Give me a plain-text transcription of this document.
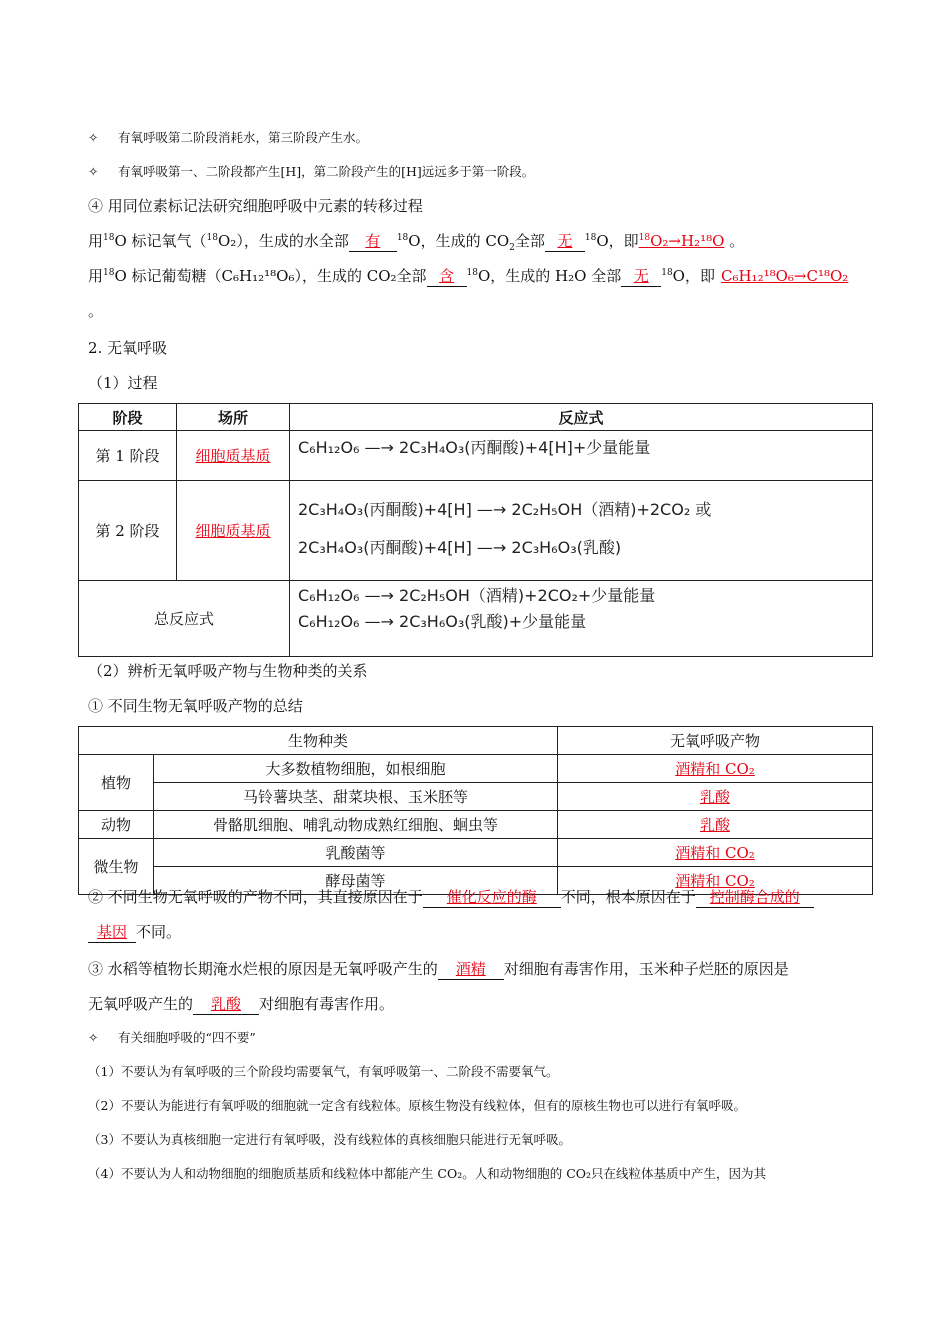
✧ 有氧呼吸第二阶段消耗水，第三阶段产生水。
✧ 有氧呼吸第一、二阶段都产生[H]，第二阶段产生的[H]远远多于第一阶段。
④ 用同位素标记法研究细胞呼吸中元素的转移过程
用$^{18}$O 标记氧气（$^{18}$O₂），生成的水全部 有 $^{18}$O，生成的 $CO_2$全部 无 $^{18}$O，即$^{18}$O₂→H₂¹⁸O 。
用$^{18}$O 标记葡萄糖（C₆H₁₂¹⁸O₆），生成的 CO₂全部 含 $^{18}$O，生成的 H₂O 全部 无 $^{18}$O，即 C₆H₁₂¹⁸O₆→C¹⁸O₂
。
2. 无氧呼吸
（1）过程
阶段	场所	反应式
第 1 阶段	细胞质基质	C₆H₁₂O₆ —→ 2C₃H₄O₃(丙酮酸)+4[H]+少量能量
第 2 阶段	细胞质基质	2C₃H₄O₃(丙酮酸)+4[H] —→ 2C₂H₅OH（酒精)+2CO₂ 或
2C₃H₄O₃(丙酮酸)+4[H] —→ 2C₃H₆O₃(乳酸)

总反应式		C₆H₁₂O₆ —→ 2C₂H₅OH（酒精)+2CO₂+少量能量
C₆H₁₂O₆ —→ 2C₃H₆O₃(乳酸)+少量能量
（2）辨析无氧呼吸产物与生物种类的关系
① 不同生物无氧呼吸产物的总结
生物种类		无氧呼吸产物
植物	大多数植物细胞，如根细胞	酒精和 CO₂
	马铃薯块茎、甜菜块根、玉米胚等	乳酸
动物	骨骼肌细胞、哺乳动物成熟红细胞、蛔虫等	乳酸
微生物	乳酸菌等	酒精和 CO₂
	酵母菌等	酒精和 CO₂
② 不同生物无氧呼吸的产物不同，其直接原因在于 催化反应的酶 不同，根本原因在于 控制酶合成的
基因 不同。
③ 水稻等植物长期淹水烂根的原因是无氧呼吸产生的 酒精 对细胞有毒害作用，玉米种子烂胚的原因是
无氧呼吸产生的 乳酸 对细胞有毒害作用。
✧ 有关细胞呼吸的“四不要”
（1）不要认为有氧呼吸的三个阶段均需要氧气，有氧呼吸第一、二阶段不需要氧气。
（2）不要认为能进行有氧呼吸的细胞就一定含有线粒体。原核生物没有线粒体，但有的原核生物也可以进行有氧呼吸。
（3）不要认为真核细胞一定进行有氧呼吸，没有线粒体的真核细胞只能进行无氧呼吸。
（4）不要认为人和动物细胞的细胞质基质和线粒体中都能产生 CO₂。人和动物细胞的 CO₂只在线粒体基质中产生，因为其
